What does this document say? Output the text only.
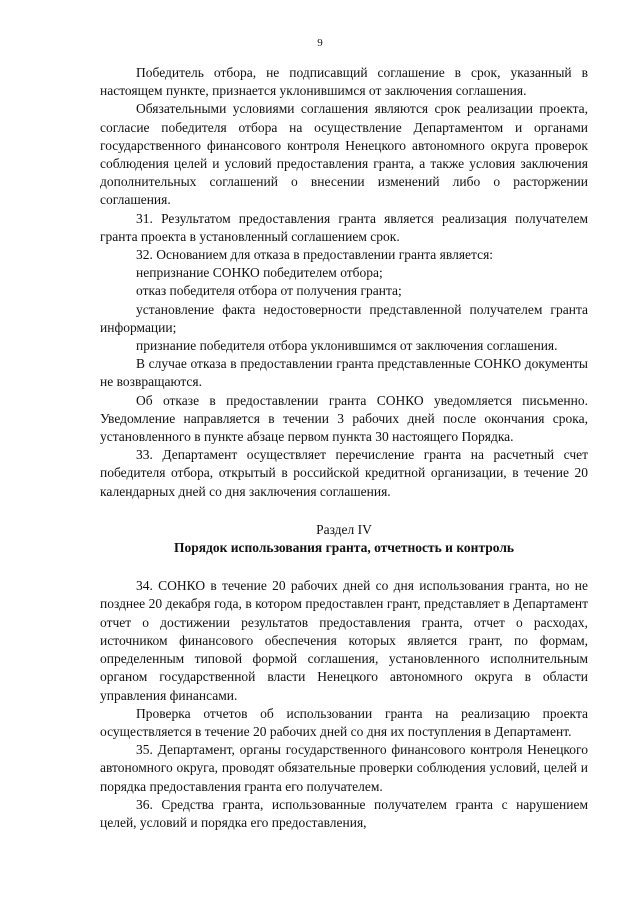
9

Победитель отбора, не подписавщий соглашение в срок, указанный в настоящем пункте, признается уклонившимся от заключения соглашения.

Обязательными условиями соглашения являются срок реализации проекта, согласие победителя отбора на осуществление Департаментом и органами государственного финансового контроля Ненецкого автономного округа проверок соблюдения целей и условий предоставления гранта, а также условия заключения дополнительных соглашений о внесении изменений либо о расторжении соглашения.

31. Результатом предоставления гранта является реализация получателем гранта проекта в установленный соглашением срок.

32. Основанием для отказа в предоставлении гранта является:

непризнание СОНКО победителем отбора;

отказ победителя отбора от получения гранта;

установление факта недостоверности представленной получателем гранта информации;

признание победителя отбора уклонившимся от заключения соглашения.

В случае отказа в предоставлении гранта представленные СОНКО документы не возвращаются.

Об отказе в предоставлении гранта СОНКО уведомляется письменно. Уведомление направляется в течении 3 рабочих дней после окончания срока, установленного в пункте абзаце первом пункта 30 настоящего Порядка.

33. Департамент осуществляет перечисление гранта на расчетный счет победителя отбора, открытый в российской кредитной организации, в течение 20 календарных дней со дня заключения соглашения.

Раздел IV

Порядок использования гранта, отчетность и контроль

34. СОНКО в течение 20 рабочих дней со дня использования гранта, но не позднее 20 декабря года, в котором предоставлен грант, представляет в Департамент отчет о достижении результатов предоставления гранта, отчет о расходах, источником финансового обеспечения которых является грант, по формам, определенным типовой формой соглашения, установленного исполнительным органом государственной власти Ненецкого автономного округа в области управления финансами.

Проверка отчетов об использовании гранта на реализацию проекта осуществляется в течение 20 рабочих дней со дня их поступления в Департамент.

35. Департамент, органы государственного финансового контроля Ненецкого автономного округа, проводят обязательные проверки соблюдения условий, целей и порядка предоставления гранта его получателем.

36. Средства гранта, использованные получателем гранта с нарушением целей, условий и порядка его предоставления,
